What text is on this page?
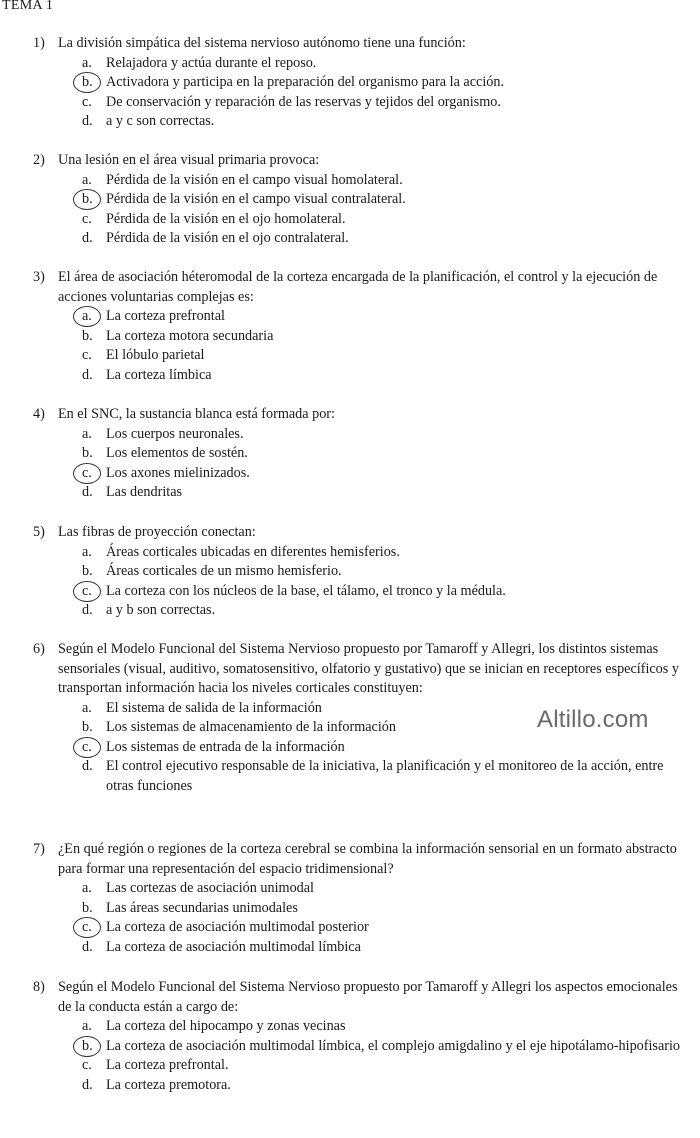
TEMA 1
1) La división simpática del sistema nervioso autónomo tiene una función:
a. Relajadora y actúa durante el reposo.
b. Activadora y participa en la preparación del organismo para la acción.
c. De conservación y reparación de las reservas y tejidos del organismo.
d. a y c son correctas.
2) Una lesión en el área visual primaria provoca:
a. Pérdida de la visión en el campo visual homolateral.
b. Pérdida de la visión en el campo visual contralateral.
c. Pérdida de la visión en el ojo homolateral.
d. Pérdida de la visión en el ojo contralateral.
3) El área de asociación héteromodal de la corteza encargada de la planificación, el control y la ejecución de acciones voluntarias complejas es:
a. La corteza prefrontal
b. La corteza motora secundaria
c. El lóbulo parietal
d. La corteza límbica
4) En el SNC, la sustancia blanca está formada por:
a. Los cuerpos neuronales.
b. Los elementos de sostén.
c. Los axones mielinizados.
d. Las dendritas
5) Las fibras de proyección conectan:
a. Áreas corticales ubicadas en diferentes hemisferios.
b. Áreas corticales de un mismo hemisferio.
c. La corteza con los núcleos de la base, el tálamo, el tronco y la médula.
d. a y b son correctas.
6) Según el Modelo Funcional del Sistema Nervioso propuesto por Tamaroff y Allegri, los distintos sistemas sensoriales (visual, auditivo, somatosensitivo, olfatorio y gustativo) que se inician en receptores específicos y transportan información hacia los niveles corticales constituyen:
a. El sistema de salida de la información
b. Los sistemas de almacenamiento de la información
c. Los sistemas de entrada de la información
d. El control ejecutivo responsable de la iniciativa, la planificación y el monitoreo de la acción, entre otras funciones
7) ¿En qué región o regiones de la corteza cerebral se combina la información sensorial en un formato abstracto para formar una representación del espacio tridimensional?
a. Las cortezas de asociación unimodal
b. Las áreas secundarias unimodales
c. La corteza de asociación multimodal posterior
d. La corteza de asociación multimodal límbica
8) Según el Modelo Funcional del Sistema Nervioso propuesto por Tamaroff y Allegri los aspectos emocionales de la conducta están a cargo de:
a. La corteza del hipocampo y zonas vecinas
b. La corteza de asociación multimodal límbica, el complejo amigdalino y el eje hipotálamo-hipofisario
c. La corteza prefrontal.
d. La corteza premotora.
Altillo.com
